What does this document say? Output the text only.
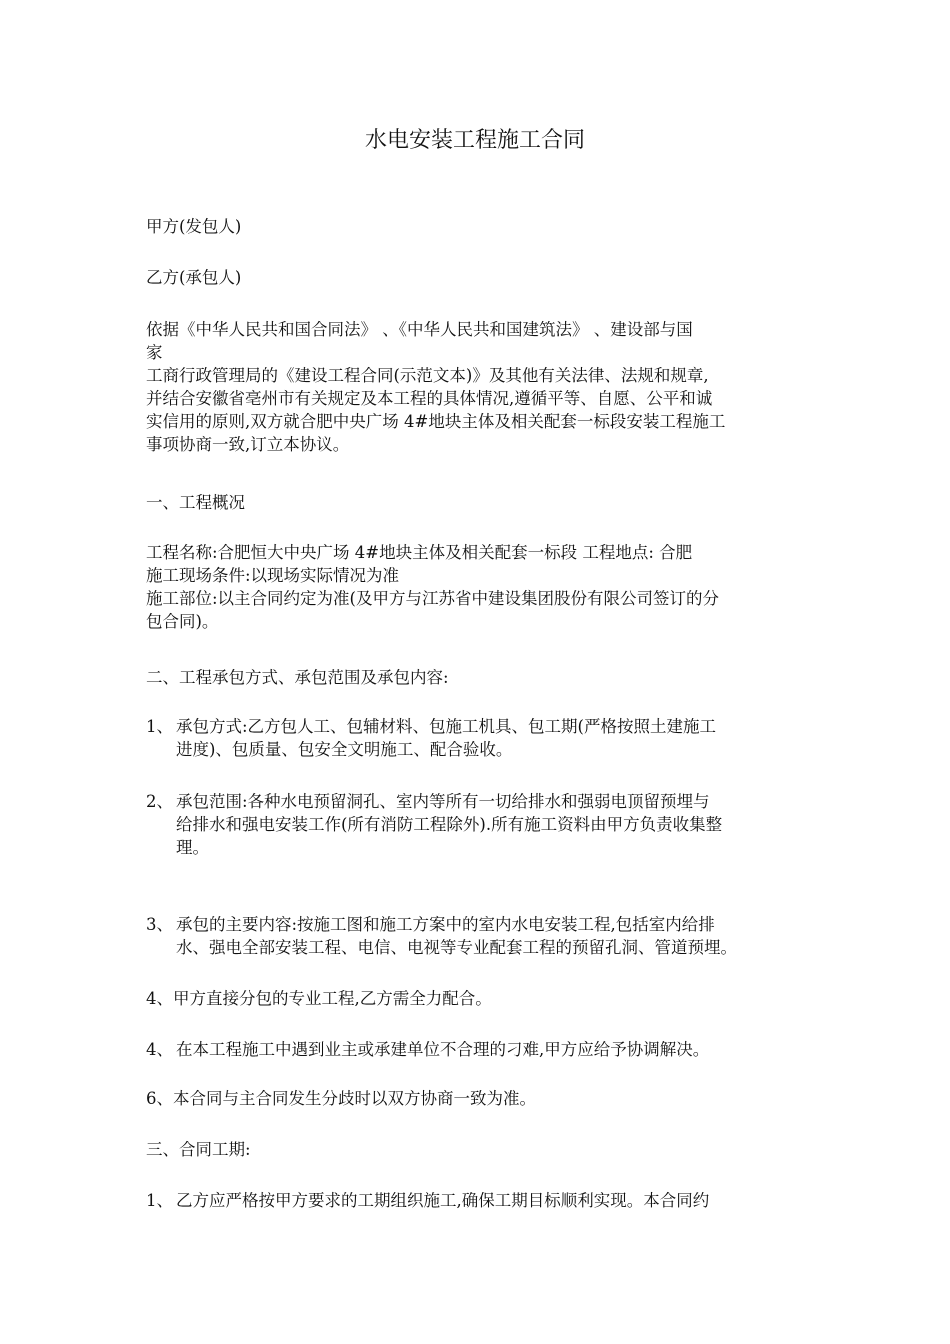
水电安装工程施工合同

甲方(发包人)

乙方(承包人)

依据《中华人民共和国合同法》 、《中华人民共和国建筑法》 、建设部与国
家
工商行政管理局的《建设工程合同(示范文本)》及其他有关法律、法规和规章,
并结合安徽省亳州市有关规定及本工程的具体情况,遵循平等、自愿、公平和诚
实信用的原则,双方就合肥中央广场 4#地块主体及相关配套一标段安装工程施工
事项协商一致,订立本协议。

一、工程概况

工程名称:合肥恒大中央广场 4#地块主体及相关配套一标段 工程地点: 合肥
施工现场条件:以现场实际情况为准
施工部位:以主合同约定为准(及甲方与江苏省中建设集团股份有限公司签订的分
包合同)。

二、工程承包方式、承包范围及承包内容:

1、 承包方式:乙方包人工、包辅材料、包施工机具、包工期(严格按照土建施工
进度)、包质量、包安全文明施工、配合验收。
2、 承包范围:各种水电预留洞孔、室内等所有一切给排水和强弱电顶留预埋与
给排水和强电安装工作(所有消防工程除外).所有施工资料由甲方负责收集整
理。
3、 承包的主要内容:按施工图和施工方案中的室内水电安装工程,包括室内给排
水、强电全部安装工程、电信、电视等专业配套工程的预留孔洞、管道预埋。

4、甲方直接分包的专业工程,乙方需全力配合。

4、 在本工程施工中遇到业主或承建单位不合理的刁难,甲方应给予协调解决。

6、本合同与主合同发生分歧时以双方协商一致为准。

三、合同工期:

1、 乙方应严格按甲方要求的工期组织施工,确保工期目标顺利实现。本合同约
